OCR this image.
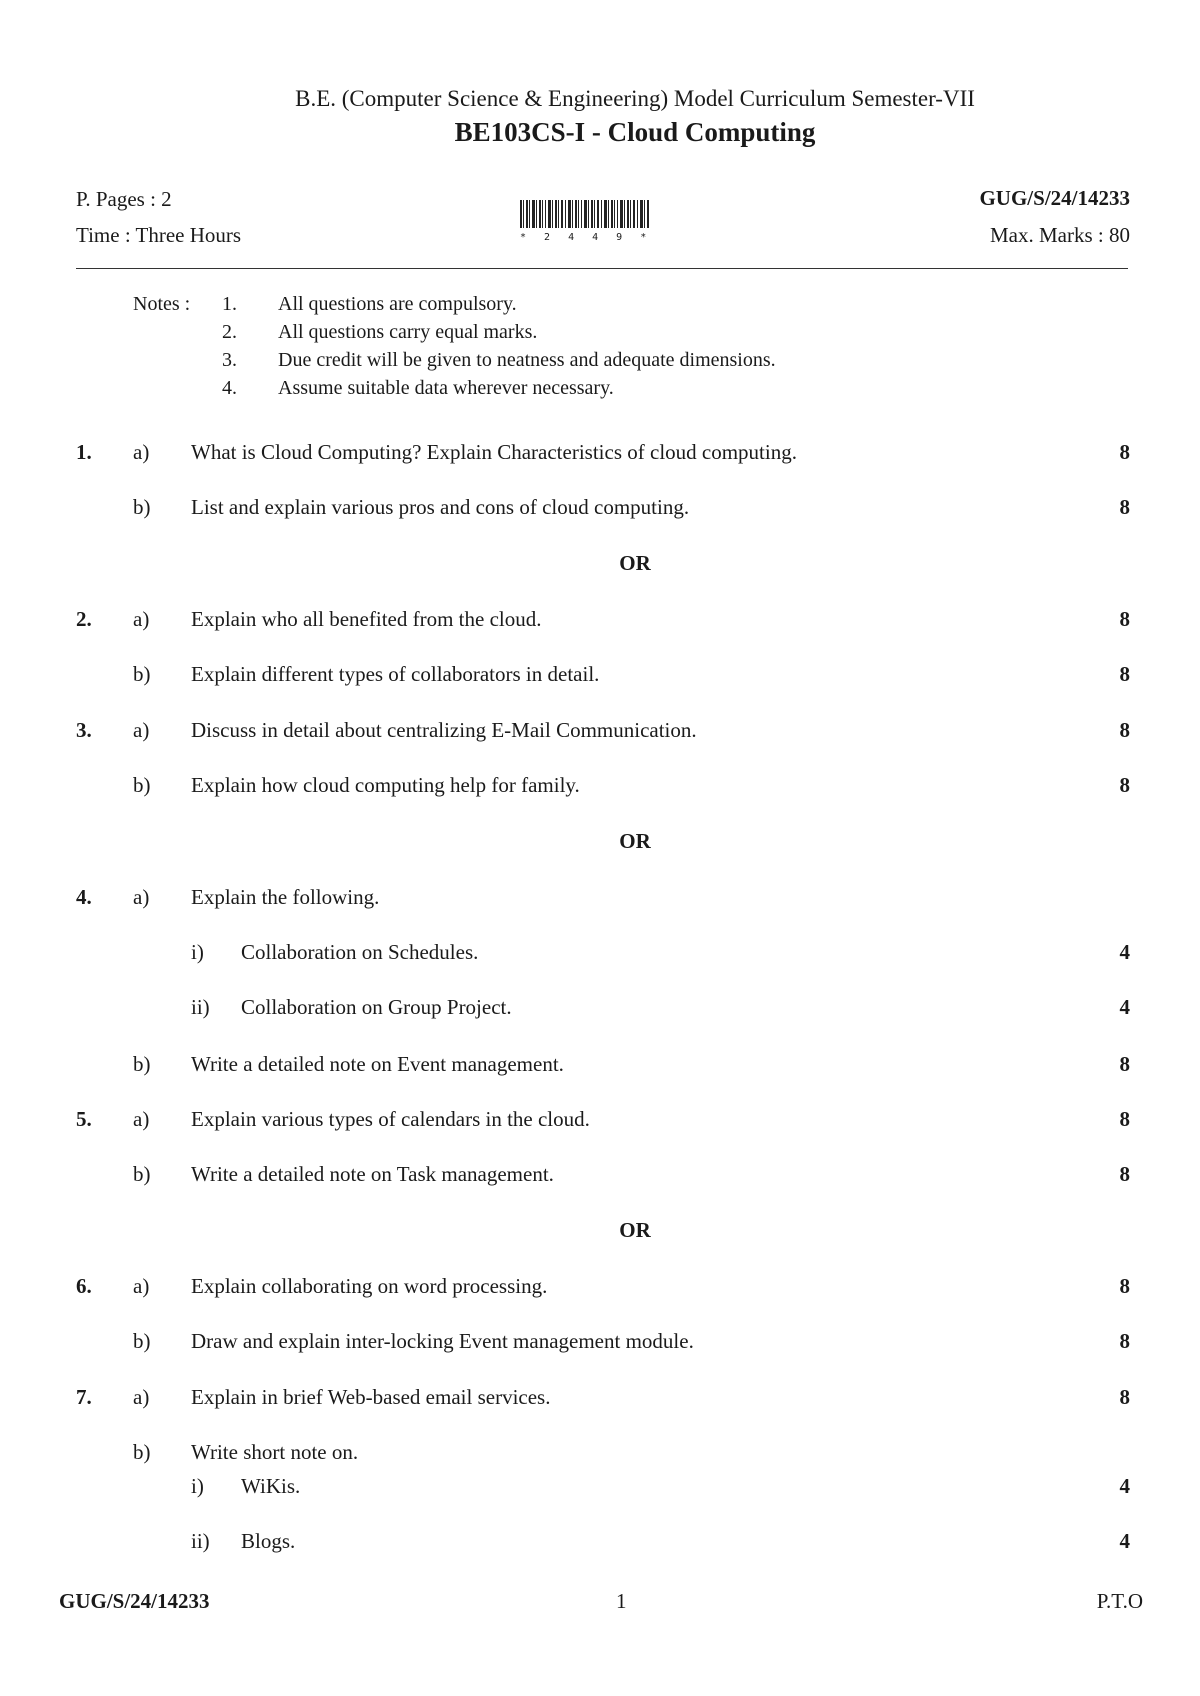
B.E. (Computer Science & Engineering) Model Curriculum Semester-VII
BE103CS-I - Cloud Computing
P. Pages : 2
Time : Three Hours
GUG/S/24/14233
Max. Marks : 80
* 2 4 4 9 *
Notes : 1. All questions are compulsory.
2. All questions carry equal marks.
3. Due credit will be given to neatness and adequate dimensions.
4. Assume suitable data wherever necessary.
1. a) What is Cloud Computing? Explain Characteristics of cloud computing.	8
b) List and explain various pros and cons of cloud computing.	8
OR
2. a) Explain who all benefited from the cloud.	8
b) Explain different types of collaborators in detail.	8
3. a) Discuss in detail about centralizing E-Mail Communication.	8
b) Explain how cloud computing help for family.	8
OR
4. a) Explain the following.
i) Collaboration on Schedules.	4
ii) Collaboration on Group Project.	4
b) Write a detailed note on Event management.	8
5. a) Explain various types of calendars in the cloud.	8
b) Write a detailed note on Task management.	8
OR
6. a) Explain collaborating on word processing.	8
b) Draw and explain inter-locking Event management module.	8
7. a) Explain in brief Web-based email services.	8
b) Write short note on.
i) WiKis.	4
ii) Blogs.	4
GUG/S/24/14233	1	P.T.O
